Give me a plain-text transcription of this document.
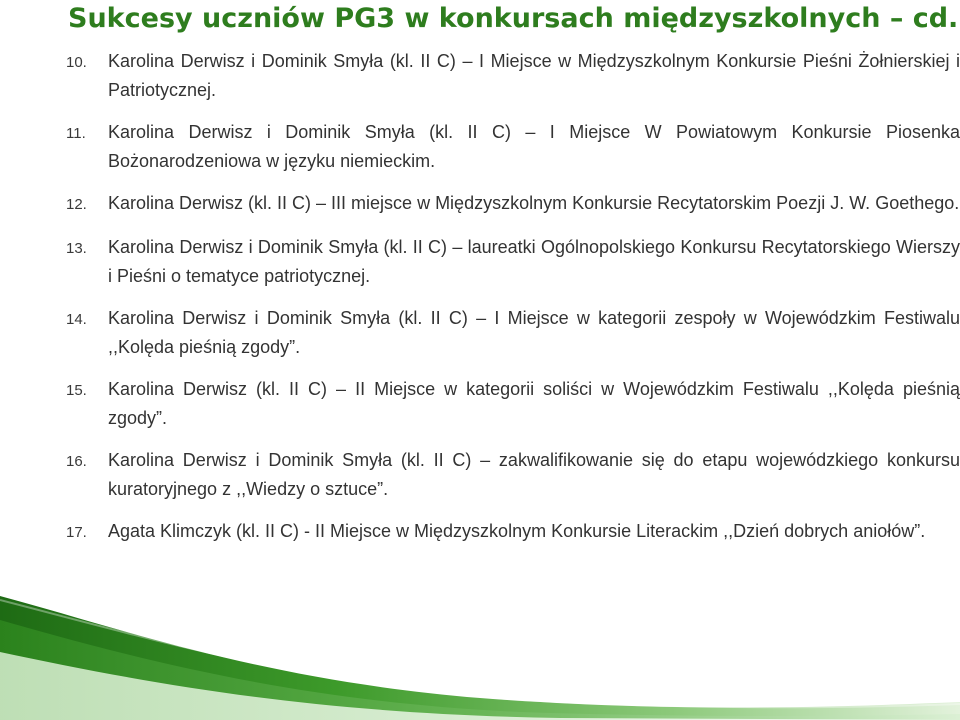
Sukcesy uczniów PG3 w konkursach międzyszkolnych – cd.
10.	Karolina Derwisz i Dominik Smyła (kl. II C) – I Miejsce w Międzyszkolnym Konkursie Pieśni Żołnierskiej i Patriotycznej.
11.	Karolina Derwisz i Dominik Smyła (kl. II C) – I Miejsce W Powiatowym Konkursie Piosenka Bożonarodzeniowa w języku niemieckim.
12.	Karolina Derwisz (kl. II C) – III miejsce w Międzyszkolnym Konkursie Recytatorskim Poezji J. W. Goethego.
13.	Karolina Derwisz i Dominik Smyła (kl. II C) – laureatki Ogólnopolskiego Konkursu Recytatorskiego Wierszy i Pieśni o tematyce patriotycznej.
14.	Karolina Derwisz i Dominik Smyła (kl. II C) – I Miejsce w kategorii zespoły w Wojewódzkim Festiwalu ,,Kolęda pieśnią zgody”.
15.	Karolina Derwisz (kl. II C) – II Miejsce w kategorii soliści w Wojewódzkim Festiwalu ,,Kolęda pieśnią zgody”.
16.	Karolina Derwisz i Dominik Smyła (kl. II C) – zakwalifikowanie się do etapu wojewódzkiego konkursu kuratoryjnego z ,,Wiedzy o sztuce”.
17.	Agata Klimczyk (kl. II C) - II Miejsce w Międzyszkolnym Konkursie Literackim ,,Dzień dobrych aniołów”.
